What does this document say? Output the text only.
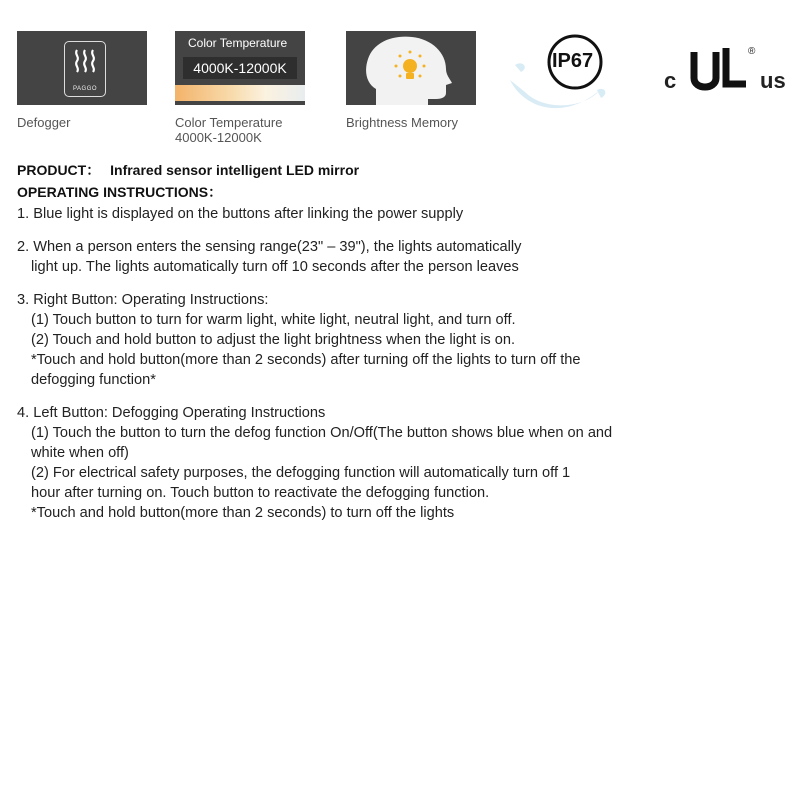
PAGGO
Defogger
Color Temperature
4000K-12000K
Color Temperature
4000K-12000K
Brightness Memory
IP67
c
®
us
PRODUCT： Infrared sensor intelligent LED mirror
OPERATING INSTRUCTIONS：
1. Blue light is displayed on the buttons after linking the power supply
2. When a person enters the sensing range(23" – 39"), the lights automatically
light up. The lights automatically turn off 10 seconds after the person leaves
3. Right Button: Operating Instructions:
(1) Touch button to turn for warm light, white light, neutral light, and turn off.
(2) Touch and hold button to adjust the light brightness when the light is on.
*Touch and hold button(more than 2 seconds) after turning off the lights to turn off the
defogging function*
4. Left Button: Defogging Operating Instructions
(1) Touch the button to turn the defog function On/Off(The button shows blue when on and
white when off)
(2) For electrical safety purposes, the defogging function will automatically turn off 1
hour after turning on. Touch button to reactivate the defogging function.
*Touch and hold button(more than 2 seconds) to turn off the lights
